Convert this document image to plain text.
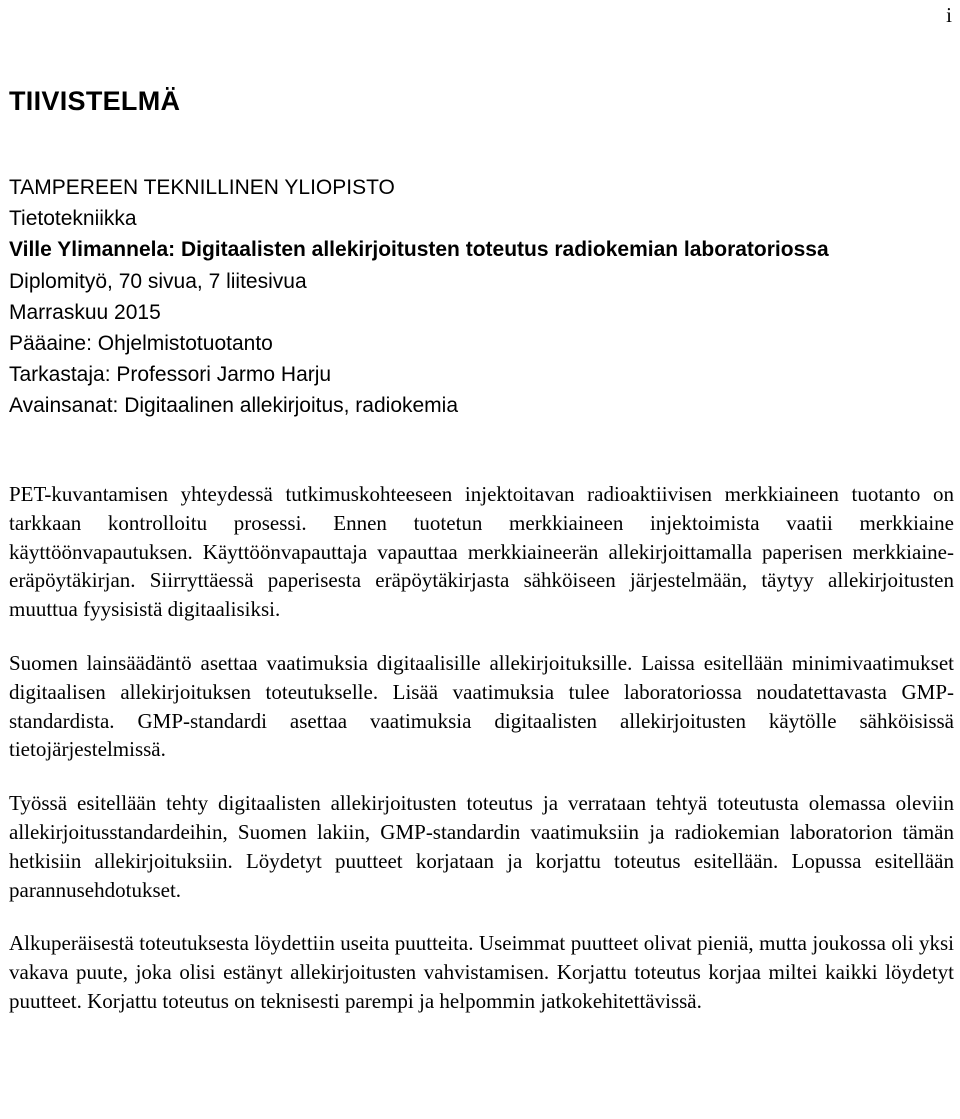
i
TIIVISTELMÄ
TAMPEREEN TEKNILLINEN YLIOPISTO
Tietotekniikka
Ville Ylimannela: Digitaalisten allekirjoitusten toteutus radiokemian laboratoriossa
Diplomityö, 70 sivua, 7 liitesivua
Marraskuu 2015
Pääaine: Ohjelmistotuotanto
Tarkastaja: Professori Jarmo Harju
Avainsanat: Digitaalinen allekirjoitus, radiokemia

PET-kuvantamisen yhteydessä tutkimuskohteeseen injektoitavan radioaktiivisen merkkiaineen tuotanto on tarkkaan kontrolloitu prosessi. Ennen tuotetun merkkiaineen injektoimista vaatii merkkiaine käyttöönvapautuksen. Käyttöönvapauttaja vapauttaa merkkiaineerän allekirjoittamalla paperisen merkkiaine-eräpöytäkirjan. Siirryttäessä paperisesta eräpöytäkirjasta sähköiseen järjestelmään, täytyy allekirjoitusten muuttua fyysisistä digitaalisiksi.

Suomen lainsäädäntö asettaa vaatimuksia digitaalisille allekirjoituksille. Laissa esitellään minimivaatimukset digitaalisen allekirjoituksen toteutukselle. Lisää vaatimuksia tulee laboratoriossa noudatettavasta GMP-standardista. GMP-standardi asettaa vaatimuksia digitaalisten allekirjoitusten käytölle sähköisissä tietojärjestelmissä.

Työssä esitellään tehty digitaalisten allekirjoitusten toteutus ja verrataan tehtyä toteutusta olemassa oleviin allekirjoitusstandardeihin, Suomen lakiin, GMP-standardin vaatimuksiin ja radiokemian laboratorion tämän hetkisiin allekirjoituksiin. Löydetyt puutteet korjataan ja korjattu toteutus esitellään. Lopussa esitellään parannusehdotukset.

Alkuperäisestä toteutuksesta löydettiin useita puutteita. Useimmat puutteet olivat pieniä, mutta joukossa oli yksi vakava puute, joka olisi estänyt allekirjoitusten vahvistamisen. Korjattu toteutus korjaa miltei kaikki löydetyt puutteet. Korjattu toteutus on teknisesti parempi ja helpommin jatkokehitettävissä.
